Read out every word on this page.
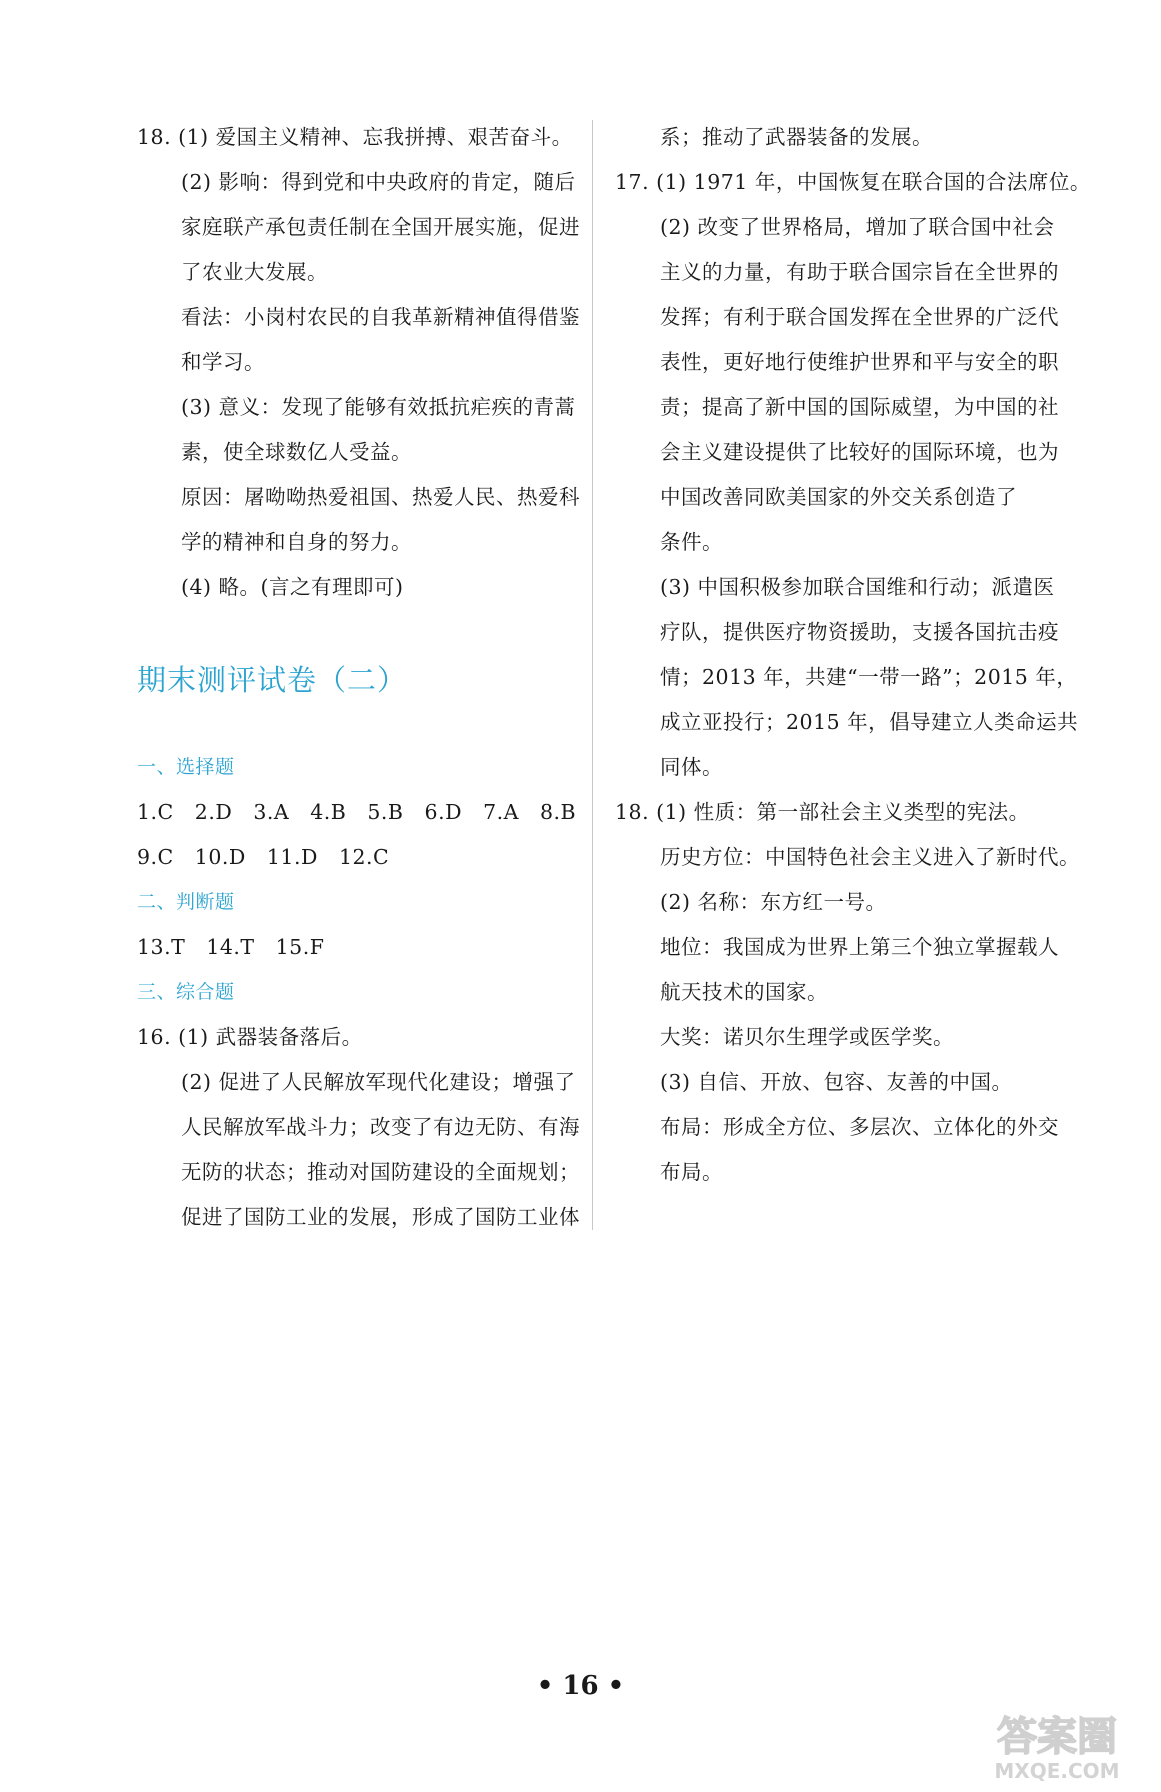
18. (1) 爱国主义精神、忘我拼搏、艰苦奋斗。
(2) 影响：得到党和中央政府的肯定，随后
家庭联产承包责任制在全国开展实施，促进
了农业大发展。
看法：小岗村农民的自我革新精神值得借鉴
和学习。
(3) 意义：发现了能够有效抵抗疟疾的青蒿
素，使全球数亿人受益。
原因：屠呦呦热爱祖国、热爱人民、热爱科
学的精神和自身的努力。
(4) 略。(言之有理即可)
期末测评试卷（二）
一、选择题
1.C 2.D 3.A 4.B 5.B 6.D 7.A 8.B
9.C 10.D 11.D 12.C
二、判断题
13.T 14.T 15.F
三、综合题
16. (1) 武器装备落后。
(2) 促进了人民解放军现代化建设；增强了
人民解放军战斗力；改变了有边无防、有海
无防的状态；推动对国防建设的全面规划；
促进了国防工业的发展，形成了国防工业体
系；推动了武器装备的发展。
17. (1) 1971 年，中国恢复在联合国的合法席位。
(2) 改变了世界格局，增加了联合国中社会
主义的力量，有助于联合国宗旨在全世界的
发挥；有利于联合国发挥在全世界的广泛代
表性，更好地行使维护世界和平与安全的职
责；提高了新中国的国际威望，为中国的社
会主义建设提供了比较好的国际环境，也为
中国改善同欧美国家的外交关系创造了
条件。
(3) 中国积极参加联合国维和行动；派遣医
疗队，提供医疗物资援助，支援各国抗击疫
情；2013 年，共建“一带一路”；2015 年，
成立亚投行；2015 年，倡导建立人类命运共
同体。
18. (1) 性质：第一部社会主义类型的宪法。
历史方位：中国特色社会主义进入了新时代。
(2) 名称：东方红一号。
地位：我国成为世界上第三个独立掌握载人
航天技术的国家。
大奖：诺贝尔生理学或医学奖。
(3) 自信、开放、包容、友善的中国。
布局：形成全方位、多层次、立体化的外交
布局。
• 16 •
答案圈
MXQE.COM
